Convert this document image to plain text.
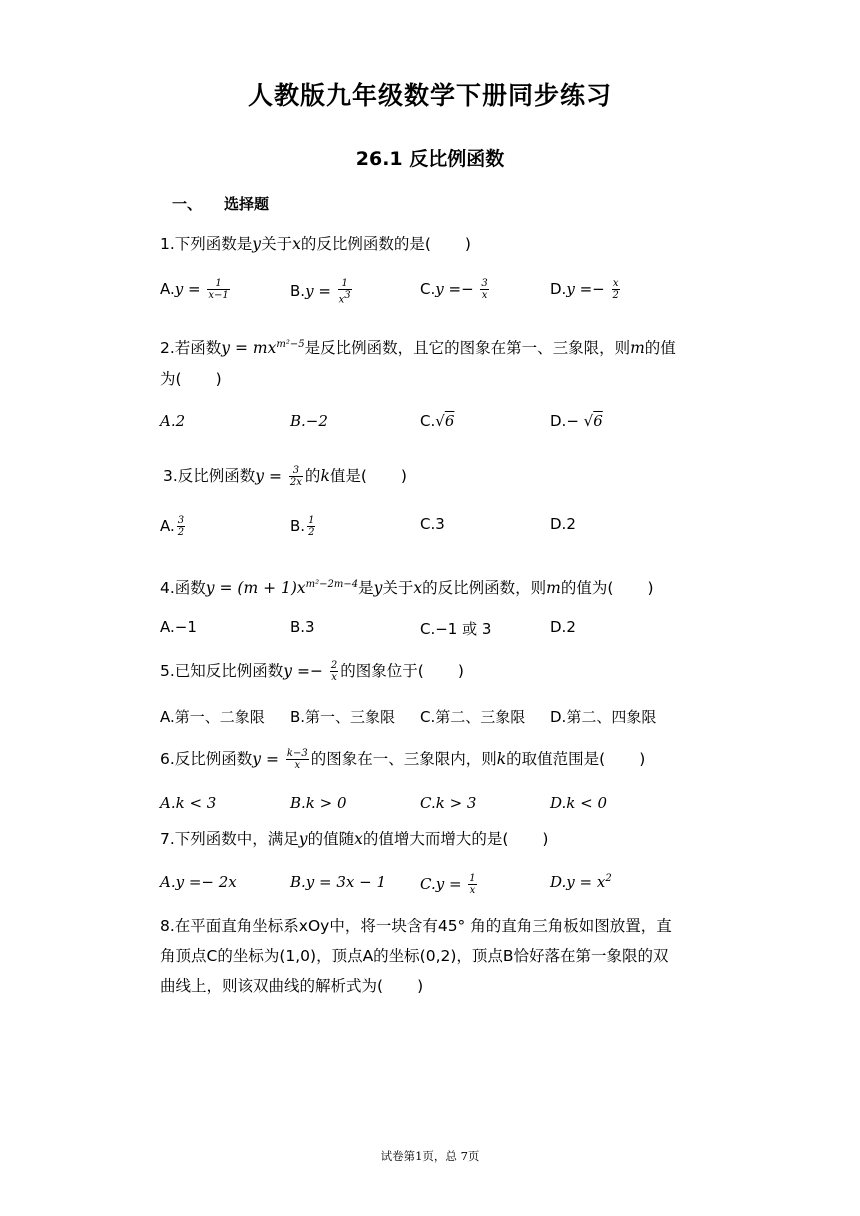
人教版九年级数学下册同步练习
26.1 反比例函数
一、 选择题
1.下列函数是y关于x的反比例函数的是( )
$A.y = \frac{1}{x-1}$	$B.y = \frac{1}{x^3}$	$C.y =- \frac{3}{x}$	$D.y =- \frac{x}{2}$
2.若函数$y = mx^{m^2-5}$是反比例函数，且它的图象在第一、三象限，则m的值
为( )
A.2	B.−2	C.√6	D.− √6
3.反比例函数$y = \frac{3}{2x}$ 的k值是( )
A. $\frac{3}{2}$	B. $\frac{1}{2}$	C.3	D.2
4.函数$y = (m + 1)x^{m^2-2m-4}$是y关于x的反比例函数，则m的值为( )
A.−1	B.3	C.−1 或 3	D.2
5.已知反比例函数$y =- \frac{2}{x}$ 的图象位于( )
A.第一、二象限 B.第一、三象限 C.第二、三象限 D.第二、四象限
6.反比例函数$y = \frac{k-3}{x}$ 的图象在一、三象限内，则k的取值范围是( )
A.k < 3	B.k > 0	C.k > 3	D.k < 0
7.下列函数中，满足y的值随x的值增大而增大的是( )
A.y =− 2x	B.y = 3x − 1 $C.y = \frac{1}{x}$	$D.y = x^2$
8.在平面直角坐标系xOy中，将一块含有45° 角的直角三角板如图放置，直
角顶点C的坐标为(1,0)，顶点A的坐标(0,2)，顶点B恰好落在第一象限的双
曲线上，则该双曲线的解析式为( )
试卷第1页，总 7页
